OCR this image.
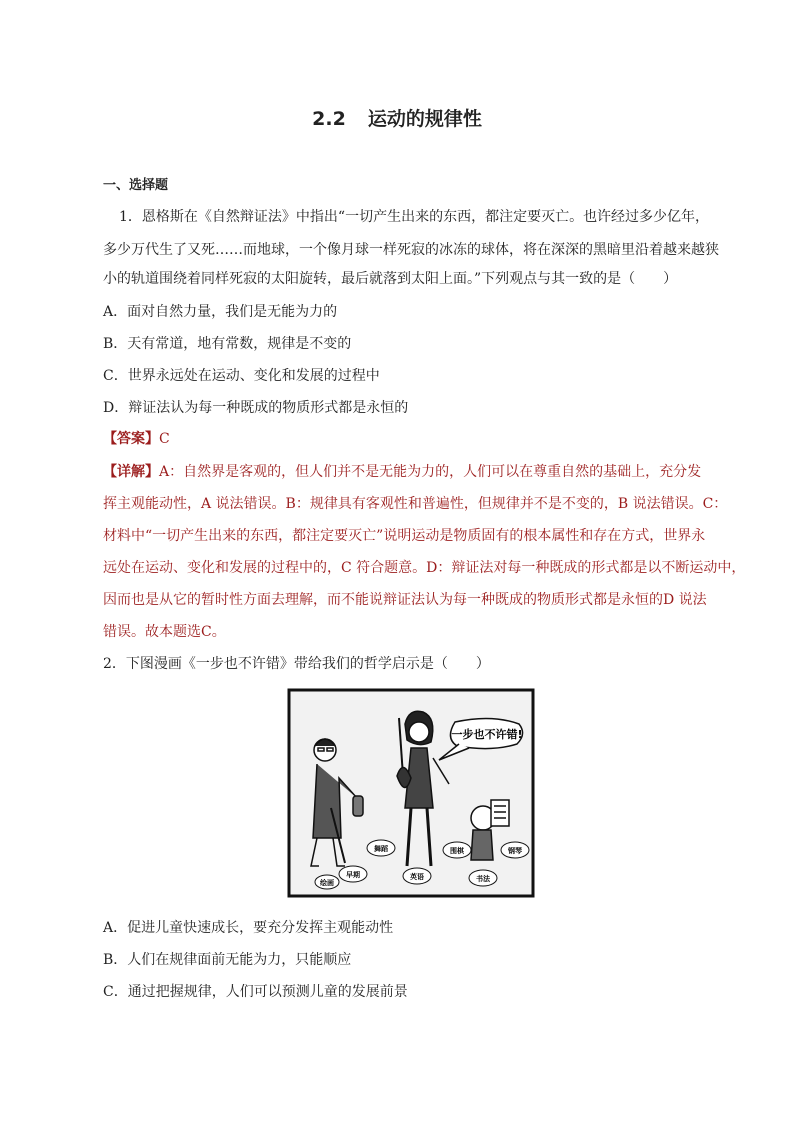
2.2 运动的规律性
一、选择题
1．恩格斯在《自然辩证法》中指出“一切产生出来的东西，都注定要灭亡。也许经过多少亿年，
多少万代生了又死……而地球，一个像月球一样死寂的冰冻的球体，将在深深的黑暗里沿着越来越狭
小的轨道围绕着同样死寂的太阳旋转，最后就落到太阳上面。”下列观点与其一致的是（　　）
A．面对自然力量，我们是无能为力的
B．天有常道，地有常数，规律是不变的
C．世界永远处在运动、变化和发展的过程中
D．辩证法认为每一种既成的物质形式都是永恒的
【答案】C
【详解】A：自然界是客观的，但人们并不是无能为力的，人们可以在尊重自然的基础上，充分发
挥主观能动性，A 说法错误。B：规律具有客观性和普遍性，但规律并不是不变的，B 说法错误。C：
材料中“一切产生出来的东西，都注定要灭亡”说明运动是物质固有的根本属性和存在方式，世界永
远处在运动、变化和发展的过程中的，C 符合题意。D：辩证法对每一种既成的形式都是以不断运动中，
因而也是从它的暂时性方面去理解，而不能说辩证法认为每一种既成的物质形式都是永恒的D 说法
错误。故本题选C。
2．下图漫画《一步也不许错》带给我们的哲学启示是（　　）
A．促进儿童快速成长，要充分发挥主观能动性
B．人们在规律面前无能为力，只能顺应
C．通过把握规律，人们可以预测儿童的发展前景
一步也不许错!
早期
舞蹈
英语
围棋	钢琴
书法
绘画
